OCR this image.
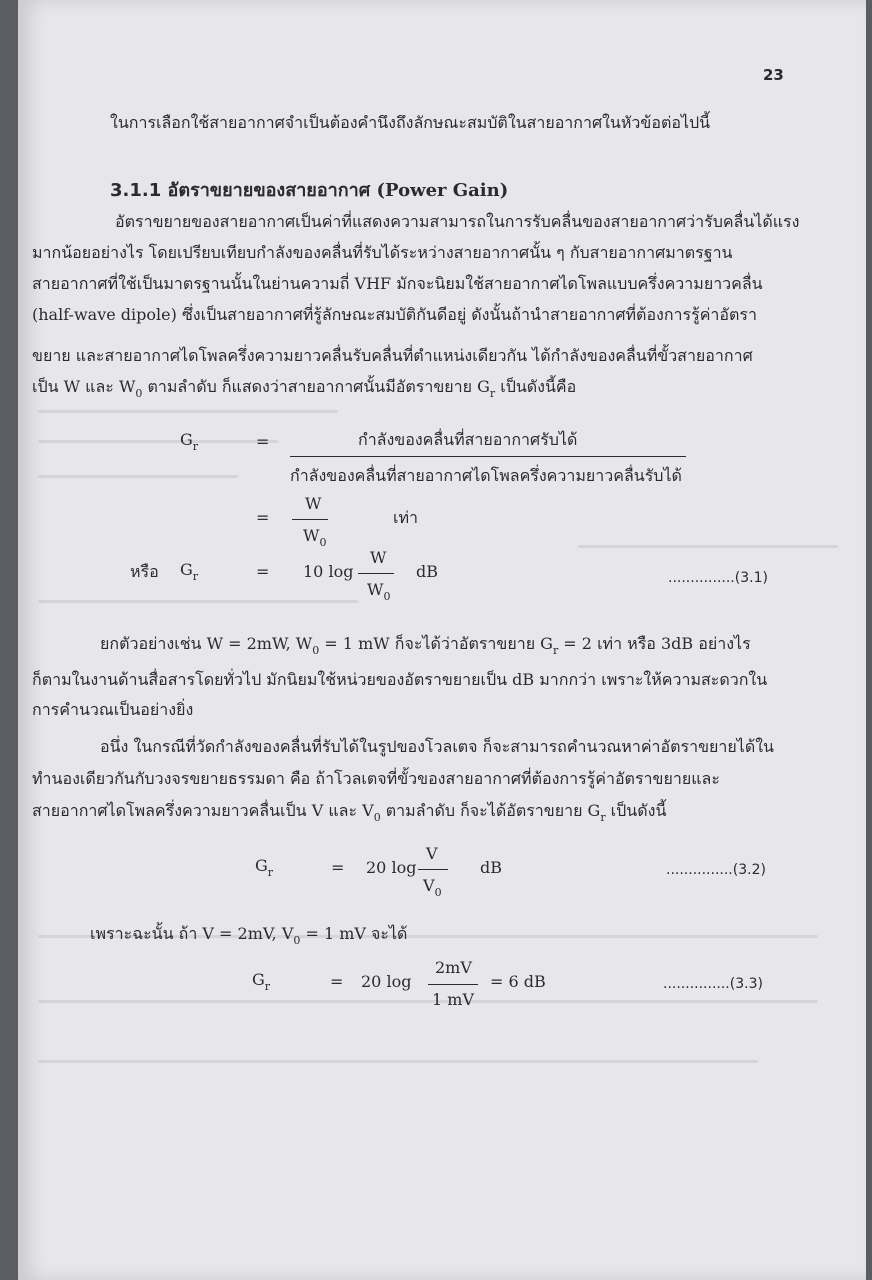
23
ในการเลือกใช้สายอากาศจำเป็นต้องคำนึงถึงลักษณะสมบัติในสายอากาศในหัวข้อต่อไปนี้
3.1.1 อัตราขยายของสายอากาศ (Power Gain)
อัตราขยายของสายอากาศเป็นค่าที่แสดงความสามารถในการรับคลื่นของสายอากาศว่ารับคลื่นได้แรง
มากน้อยอย่างไร โดยเปรียบเทียบกำลังของคลื่นที่รับได้ระหว่างสายอากาศนั้น ๆ กับสายอากาศมาตรฐาน
สายอากาศที่ใช้เป็นมาตรฐานนั้นในย่านความถี่ VHF มักจะนิยมใช้สายอากาศไดโพลแบบครึ่งความยาวคลื่น
(half-wave dipole) ซึ่งเป็นสายอากาศที่รู้ลักษณะสมบัติกันดีอยู่ ดังนั้นถ้านำสายอากาศที่ต้องการรู้ค่าอัตรา
ขยาย และสายอากาศไดโพลครึ่งความยาวคลื่นรับคลื่นที่ตำแหน่งเดียวกัน ได้กำลังของคลื่นที่ขั้วสายอากาศ
เป็น W และ $W_0$ ตามลำดับ ก็แสดงว่าสายอากาศนั้นมีอัตราขยาย $G_r$ เป็นดังนี้คือ
$G_r$	=	กำลังของคลื่นที่สายอากาศรับได้
กำลังของคลื่นที่สายอากาศไดโพลครึ่งความยาวคลื่นรับได้
=
W
$W_0$
เท่า
หรือ $G_r$	= 10 log
W
$W_0$
dB	...............(3.1)
ยกตัวอย่างเช่น W = 2mW, $W_0 = 1$ mW ก็จะได้ว่าอัตราขยาย $G_r = 2$ เท่า หรือ 3dB อย่างไร
ก็ตามในงานด้านสื่อสารโดยทั่วไป มักนิยมใช้หน่วยของอัตราขยายเป็น dB มากกว่า เพราะให้ความสะดวกใน
การคำนวณเป็นอย่างยิ่ง
อนึ่ง ในกรณีที่วัดกำลังของคลื่นที่รับได้ในรูปของโวลเตจ ก็จะสามารถคำนวณหาค่าอัตราขยายได้ใน
ทำนองเดียวกันกับวงจรขยายธรรมดา คือ ถ้าโวลเตจที่ขั้วของสายอากาศที่ต้องการรู้ค่าอัตราขยายและ
สายอากาศไดโพลครึ่งความยาวคลื่นเป็น V และ $V_0$ ตามลำดับ ก็จะได้อัตราขยาย $G_r$ เป็นดังนี้
$G_r$	= 20 log
V
$V_0$
dB	...............(3.2)
เพราะฉะนั้น ถ้า V = 2mV, $V_0 = 1$ mV จะได้
$G_r$	= 20 log
2mV
1 mV
= 6 dB	...............(3.3)
